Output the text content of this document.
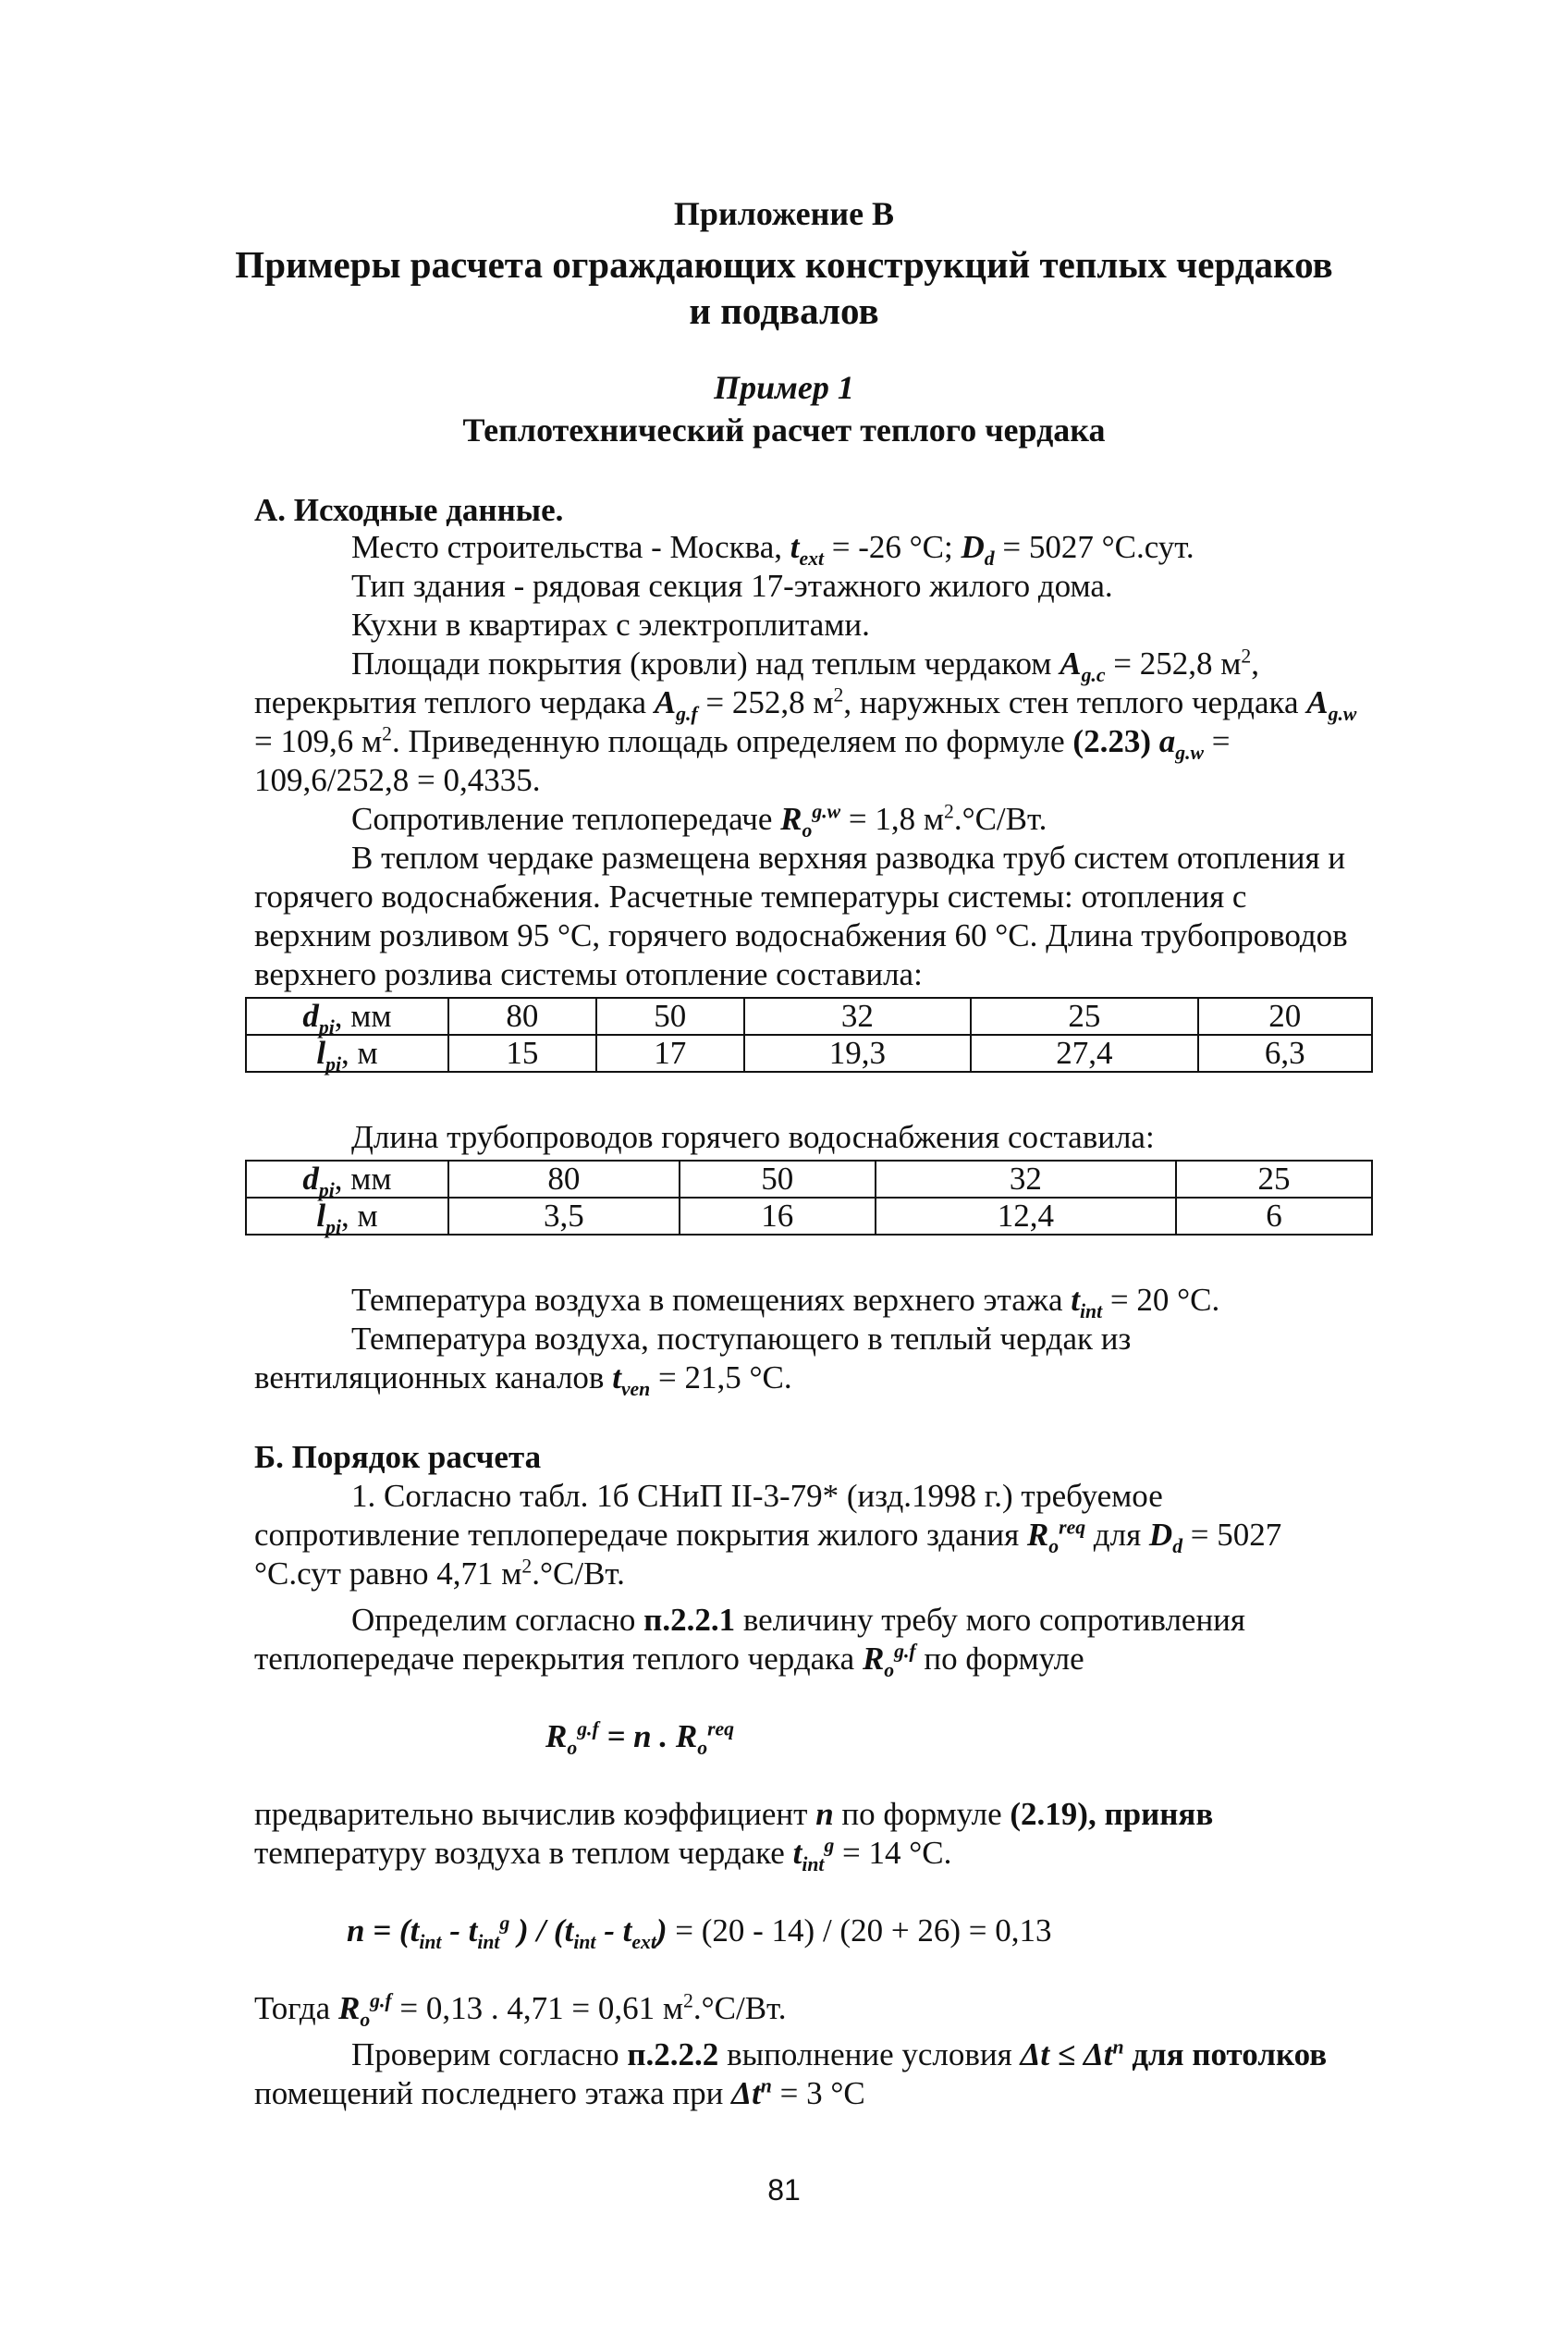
Приложение В
Примеры расчета ограждающих конструкций теплых чердаков
и подвалов
Пример 1
Теплотехнический расчет теплого чердака
А. Исходные данные.
Место строительства - Москва, $t_{ext} = -26$ °С; $D_d = 5027$ °С.сут.
Тип здания - рядовая секция 17-этажного жилого дома.
Кухни в квартирах с электроплитами.
Площади покрытия (кровли) над теплым чердаком $A_{g.c} = 252,8$ $м^2$,
перекрытия теплого чердака $A_{g.f} = 252,8$ $м^2$, наружных стен теплого чердака $A_{g.w}$
= 109,6 $м^2$. Приведенную площадь определяем по формуле (2.23) $a_{g.w}$ =
109,6/252,8 = 0,4335.
Сопротивление теплопередаче $R_o^{g.w} = 1,8$ $м^2.^\circ С/Вт$.
В теплом чердаке размещена верхняя разводка труб систем отопления и
горячего водоснабжения. Расчетные температуры системы: отопления с
верхним розливом 95 °С, горячего водоснабжения 60 °С. Длина трубопроводов
верхнего розлива системы отопление составила:
$d_{pi}$, мм	80	50	32	25	20
$l_{pi}$, м	15	17	19,3	27,4	6,3
Длина трубопроводов горячего водоснабжения составила:
$d_{pi}$, мм	80	50	32	25
$l_{pi}$, м	3,5	16	12,4	6
Температура воздуха в помещениях верхнего этажа $t_{int} = 20$ °С.
Температура воздуха, поступающего в теплый чердак из
вентиляционных каналов $t_{ven} = 21,5$ °С.
Б. Порядок расчета
1. Согласно табл. 1б СНиП II-3-79* (изд.1998 г.) требуемое
сопротивление теплопередаче покрытия жилого здания $R_o^{req}$ для $D_d = 5027$
°С.сут равно 4,71 $м^2.^\circ С/Вт$.
Определим согласно п.2.2.1 величину требу мого сопротивления
теплопередаче перекрытия теплого чердака $R_o^{g.f}$ по формуле
$R_o^{g.f} = n$ . $R_o^{req}$
предварительно вычислив коэффициент n по формуле (2.19), приняв
температуру воздуха в теплом чердаке $t_{int}^g = 14$ °С.
$n = (t_{int} - t_{int}^g$ ) / $(t_{int} - t_{ext}) = (20 - 14) / (20 + 26) = 0,13$
Тогда $R_o^{g.f} = 0,13$ . 4,71 = 0,61 $м^2.^\circ С/Вт$.
Проверим согласно п.2.2.2 выполнение условия $\Delta t \le \Delta t^n$ для потолков
помещений последнего этажа при $\Delta t^n = 3$ °С
81
